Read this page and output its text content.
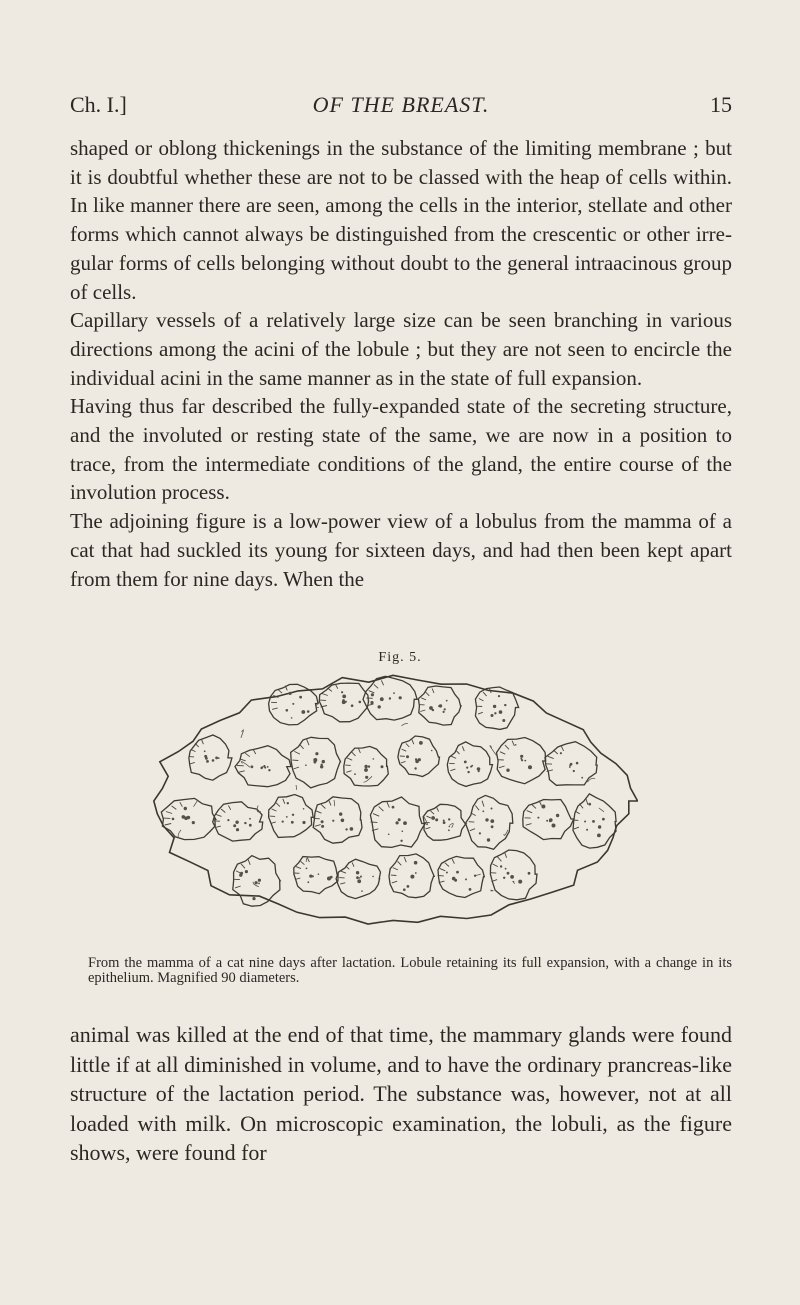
Ch. I.]	OF THE BREAST.	15

shaped or oblong thickenings in the substance of the limiting membrane ; but it is doubtful whether these are not to be classed with the heap of cells within. In like manner there are seen, among the cells in the interior, stellate and other forms which cannot always be distinguished from the crescentic or other irregular forms of cells belonging without doubt to the general intraacinous group of cells.

Capillary vessels of a relatively large size can be seen branching in various directions among the acini of the lobule ; but they are not seen to encircle the individual acini in the same manner as in the state of full expansion.

Having thus far described the fully-expanded state of the secreting structure, and the involuted or resting state of the same, we are now in a position to trace, from the intermediate conditions of the gland, the entire course of the involution process.

The adjoining figure is a low-power view of a lobulus from the mamma of a cat that had suckled its young for sixteen days, and had then been kept apart from them for nine days. When the

Fig. 5.
From the mamma of a cat nine days after lactation. Lobule retaining its full expansion, with a change in its epithelium. Magnified 90 diameters.

animal was killed at the end of that time, the mammary glands were found little if at all diminished in volume, and to have the ordinary prancreas-like structure of the lactation period. The substance was, however, not at all loaded with milk. On microscopic examination, the lobuli, as the figure shows, were found for
